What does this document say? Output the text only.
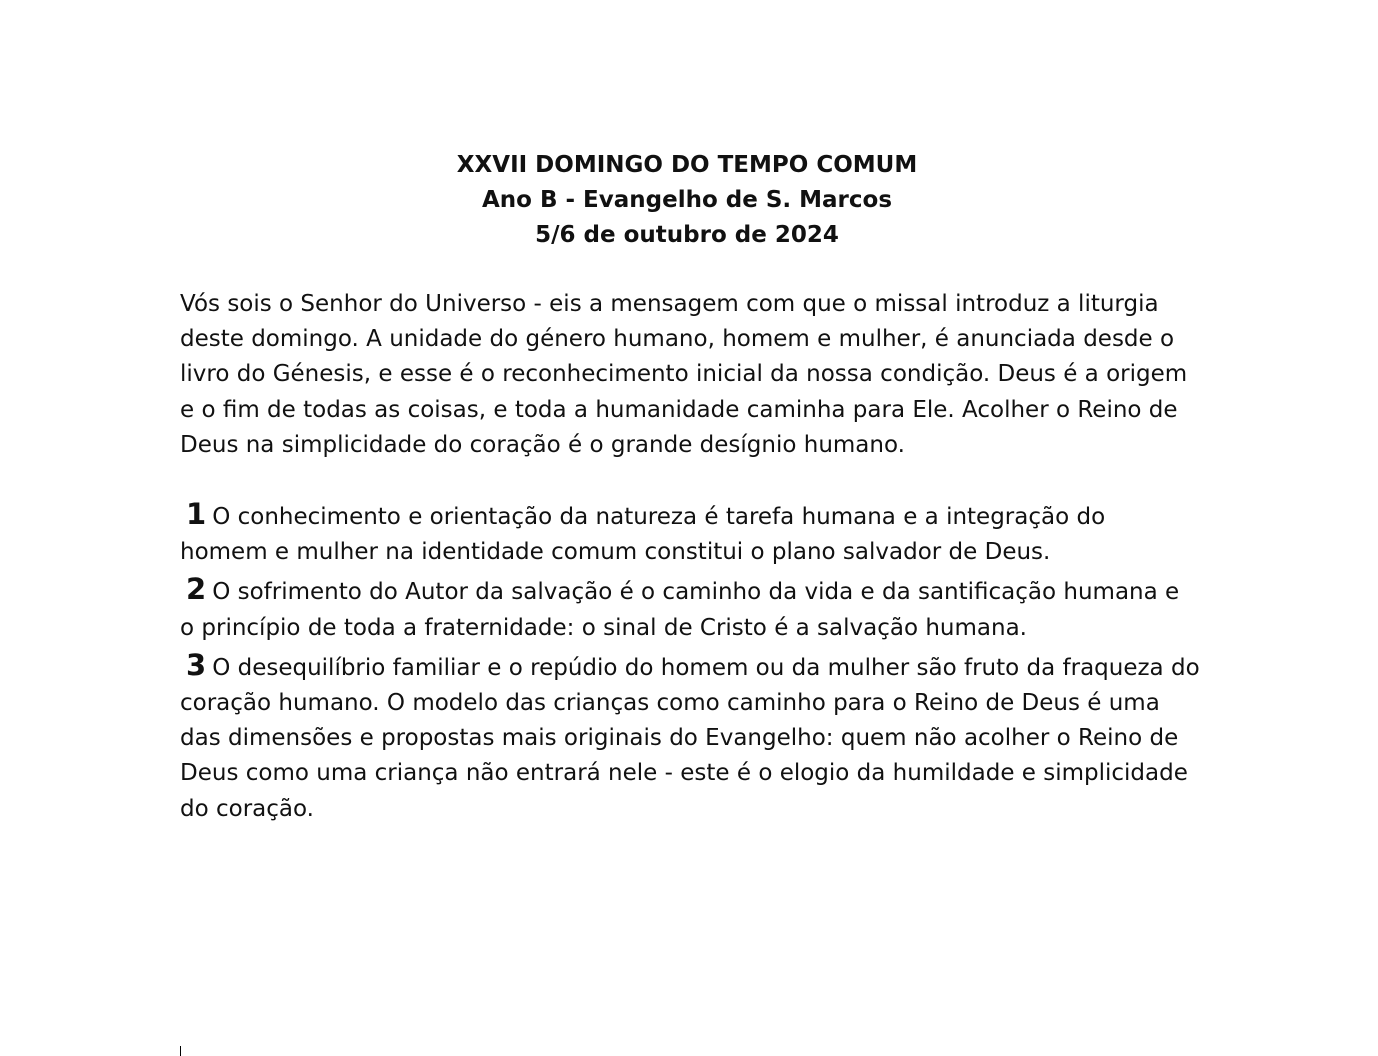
XXVII DOMINGO DO TEMPO COMUM
Ano B - Evangelho de S. Marcos
5/6 de outubro de 2024

Vós sois o Senhor do Universo - eis a mensagem com que o missal introduz a liturgia deste domingo. A unidade do género humano, homem e mulher, é anunciada desde o livro do Génesis, e esse é o reconhecimento inicial da nossa condição. Deus é a origem e o fim de todas as coisas, e toda a humanidade caminha para Ele. Acolher o Reino de Deus na simplicidade do coração é o grande desígnio humano.

1 O conhecimento e orientação da natureza é tarefa humana e a integração do homem e mulher na identidade comum constitui o plano salvador de Deus.
2 O sofrimento do Autor da salvação é o caminho da vida e da santificação humana e o princípio de toda a fraternidade: o sinal de Cristo é a salvação humana.
3 O desequilíbrio familiar e o repúdio do homem ou da mulher são fruto da fraqueza do coração humano. O modelo das crianças como caminho para o Reino de Deus é uma das dimensões e propostas mais originais do Evangelho: quem não acolher o Reino de Deus como uma criança não entrará nele - este é o elogio da humildade e simplicidade do coração.
